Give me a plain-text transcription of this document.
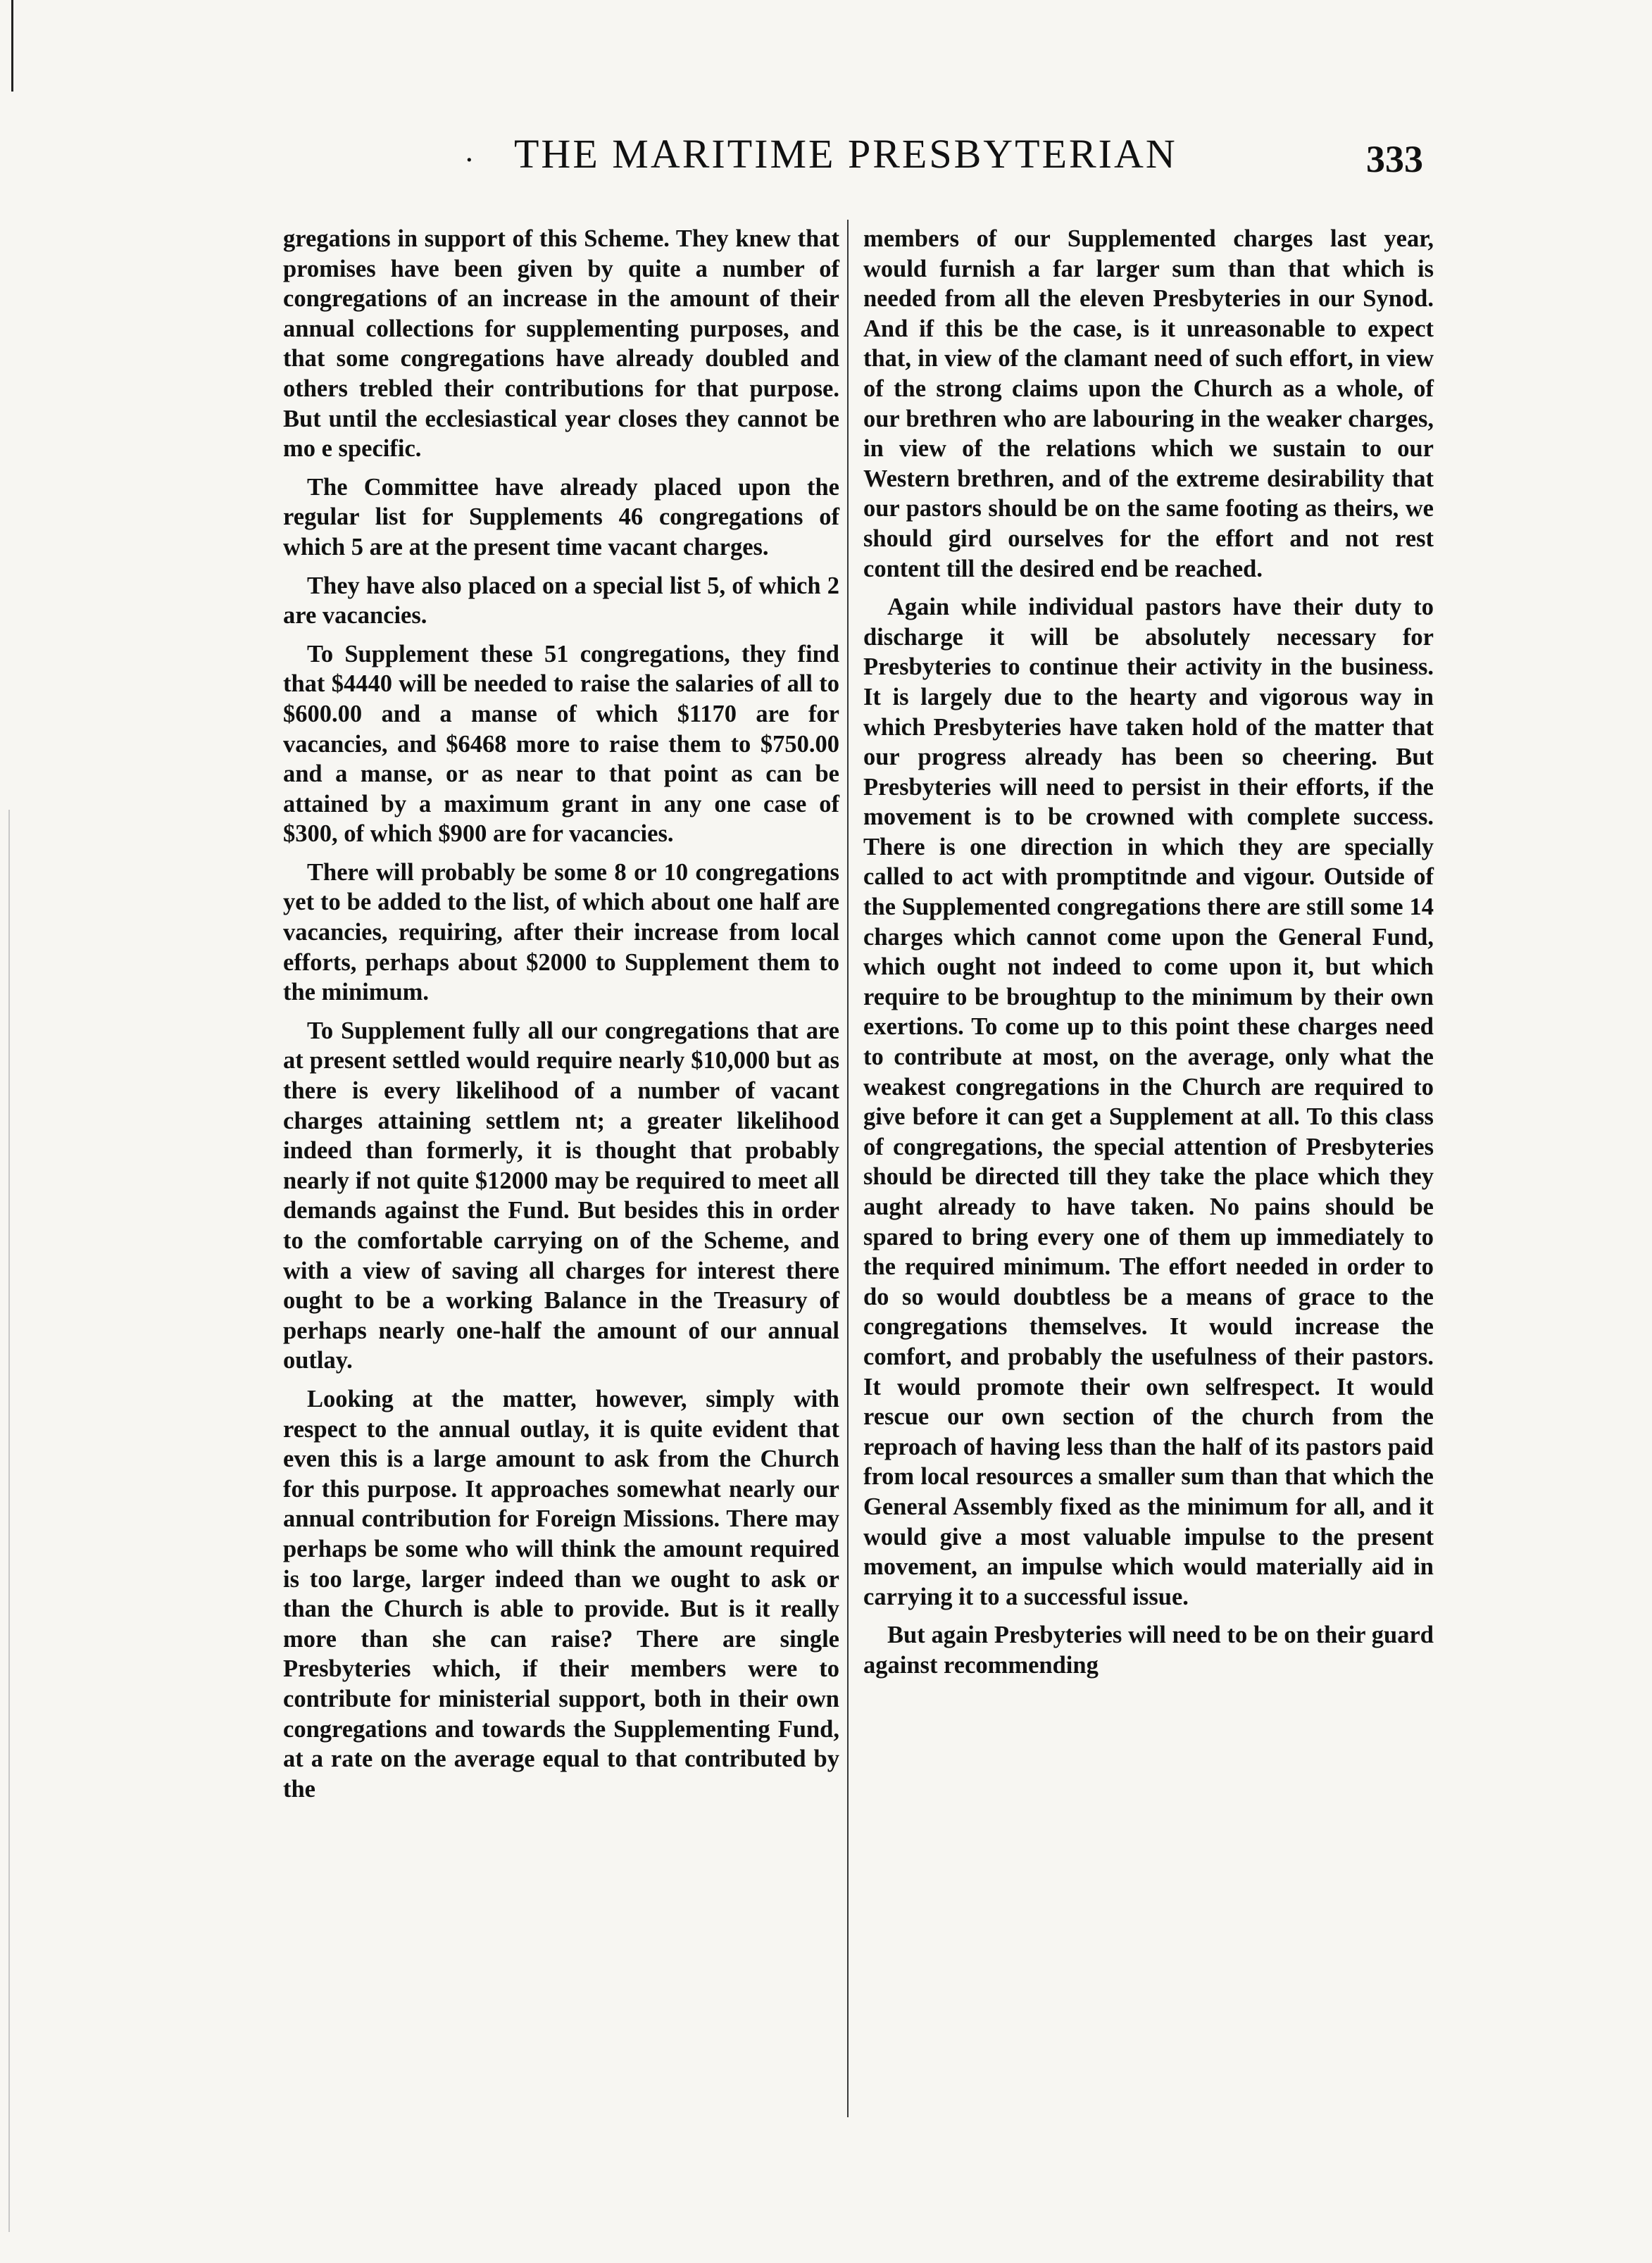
· THE MARITIME PRESBYTERIAN	333

gregations in support of this Scheme. They knew that promises have been given by quite a number of congregations of an increase in the amount of their annual collections for supplementing purposes, and that some congregations have already doubled and others trebled their contributions for that purpose. But until the ecclesiastical year closes they cannot be mo e specific.

The Committee have already placed upon the regular list for Supplements 46 congregations of which 5 are at the present time vacant charges.

They have also placed on a special list 5, of which 2 are vacancies.

To Supplement these 51 congregations, they find that $4440 will be needed to raise the salaries of all to $600.00 and a manse of which $1170 are for vacancies, and $6468 more to raise them to $750.00 and a manse, or as near to that point as can be attained by a maximum grant in any one case of $300, of which $900 are for vacancies.

There will probably be some 8 or 10 congregations yet to be added to the list, of which about one half are vacancies, requiring, after their increase from local efforts, perhaps about $2000 to Supplement them to the minimum.

To Supplement fully all our congregations that are at present settled would require nearly $10,000 but as there is every likelihood of a number of vacant charges attaining settlem nt; a greater likelihood indeed than formerly, it is thought that probably nearly if not quite $12000 may be required to meet all demands against the Fund. But besides this in order to the comfortable carrying on of the Scheme, and with a view of saving all charges for interest there ought to be a working Balance in the Treasury of perhaps nearly one-half the amount of our annual outlay.

Looking at the matter, however, simply with respect to the annual outlay, it is quite evident that even this is a large amount to ask from the Church for this purpose. It approaches somewhat nearly our annual contribution for Foreign Missions. There may perhaps be some who will think the amount required is too large, larger indeed than we ought to ask or than the Church is able to provide. But is it really more than she can raise? There are single Presbyteries which, if their members were to contribute for ministerial support, both in their own congregations and towards the Supplementing Fund, at a rate on the average equal to that contributed by the

members of our Supplemented charges last year, would furnish a far larger sum than that which is needed from all the eleven Presbyteries in our Synod. And if this be the case, is it unreasonable to expect that, in view of the clamant need of such effort, in view of the strong claims upon the Church as a whole, of our brethren who are labouring in the weaker charges, in view of the relations which we sustain to our Western brethren, and of the extreme desirability that our pastors should be on the same footing as theirs, we should gird ourselves for the effort and not rest content till the desired end be reached.

Again while individual pastors have their duty to discharge it will be absolutely necessary for Presbyteries to continue their activity in the business. It is largely due to the hearty and vigorous way in which Presbyteries have taken hold of the matter that our progress already has been so cheering. But Presbyteries will need to persist in their efforts, if the movement is to be crowned with complete success. There is one direction in which they are specially called to act with promptitnde and vigour. Outside of the Supplemented congregations there are still some 14 charges which cannot come upon the General Fund, which ought not indeed to come upon it, but which require to be broughtup to the minimum by their own exertions. To come up to this point these charges need to contribute at most, on the average, only what the weakest congregations in the Church are required to give before it can get a Supplement at all. To this class of congregations, the special attention of Presbyteries should be directed till they take the place which they aught already to have taken. No pains should be spared to bring every one of them up immediately to the required minimum. The effort needed in order to do so would doubtless be a means of grace to the congregations themselves. It would increase the comfort, and probably the usefulness of their pastors. It would promote their own selfrespect. It would rescue our own section of the church from the reproach of having less than the half of its pastors paid from local resources a smaller sum than that which the General Assembly fixed as the minimum for all, and it would give a most valuable impulse to the present movement, an impulse which would materially aid in carrying it to a successful issue.

But again Presbyteries will need to be on their guard against recommending
